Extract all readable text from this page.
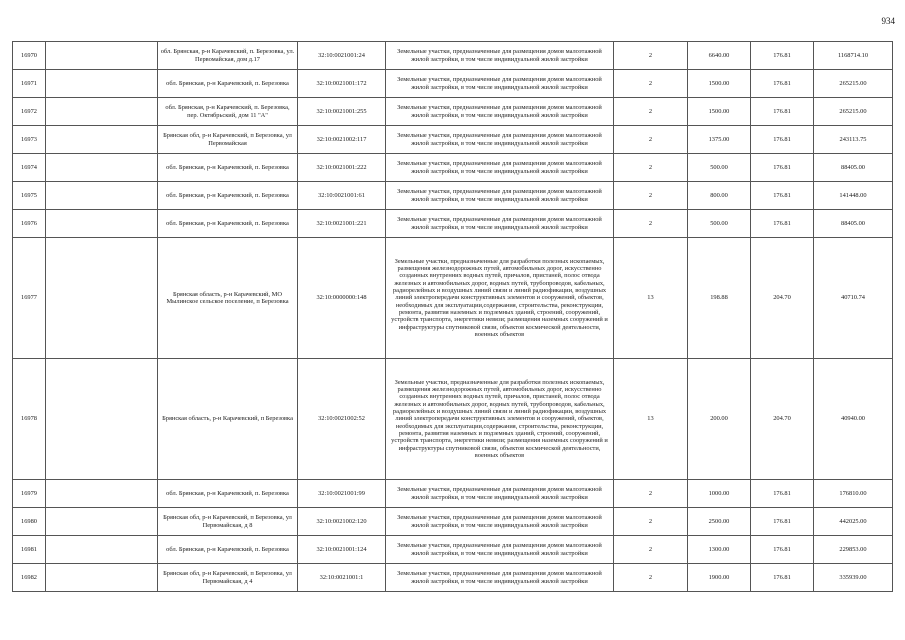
934
16970		обл. Брянская, р-н Карачевский, п. Березовка, ул. Первомайская, дом д.17	32:10:0021001:24	Земельные участки, предназначенные для размещения домов малоэтажной жилой застройки, в том числе индивидуальной жилой застройки	2	6640.00	176.81	1168714.10
16971		обл. Брянская, р-н Карачевский, п. Березовка	32:10:0021001:172	Земельные участки, предназначенные для размещения домов малоэтажной жилой застройки, в том числе индивидуальной жилой застройки	2	1500.00	176.81	265215.00
16972		обл. Брянская, р-н Карачевский, п. Березовка, пер. Октябрьский, дом 11 "А"	32:10:0021001:255	Земельные участки, предназначенные для размещения домов малоэтажной жилой застройки, в том числе индивидуальной жилой застройки	2	1500.00	176.81	265215.00
16973		Брянская обл, р-н Карачевский, п Березовка, ул Первомайская	32:10:0021002:117	Земельные участки, предназначенные для размещения домов малоэтажной жилой застройки, в том числе индивидуальной жилой застройки	2	1375.00	176.81	243113.75
16974		обл. Брянская, р-н Карачевский, п. Березовка	32:10:0021001:222	Земельные участки, предназначенные для размещения домов малоэтажной жилой застройки, в том числе индивидуальной жилой застройки	2	500.00	176.81	88405.00
16975		обл. Брянская, р-н Карачевский, п. Березовка	32:10:0021001:61	Земельные участки, предназначенные для размещения домов малоэтажной жилой застройки, в том числе индивидуальной жилой застройки	2	800.00	176.81	141448.00
16976		обл. Брянская, р-н Карачевский, п. Березовка	32:10:0021001:221	Земельные участки, предназначенные для размещения домов малоэтажной жилой застройки, в том числе индивидуальной жилой застройки	2	500.00	176.81	88405.00
16977		Брянская область, р-н Карачевский, МО Мылинское сельское поселение, п Березовка	32:10:0000000:148	Земельные участки, предназначенные для разработки полезных ископаемых, размещения железнодорожных путей, автомобильных дорог, искусственно созданных внутренних водных путей, причалов, пристаней, полос отвода железных и автомобильных дорог, водных путей, трубопроводов, кабельных, радиорелейных и воздушных линий связи и линий радиофикации, воздушных линий электропередачи конструктивных элементов и сооружений, объектов, необходимых для эксплуатации,содержания, строительства, реконструкции, ремонта, развития наземных и подземных зданий, строений, сооружений, устройств транспорта, энергетики невязи; размещения наземных сооружений и инфраструктуры спутниковой связи, объектов космической деятельности, военных объектов	13	198.88	204.70	40710.74
16978		Брянская область, р-н Карачевский, п Березовка	32:10:0021002:52	Земельные участки, предназначенные для разработки полезных ископаемых, размещения железнодорожных путей, автомобильных дорог, искусственно созданных внутренних водных путей, причалов, пристаней, полос отвода железных и автомобильных дорог, водных путей, трубопроводов, кабельных, радиорелейных и воздушных линий связи и линий радиофикации, воздушных линий электропередачи конструктивных элементов и сооружений, объектов, необходимых для эксплуатации,содержания, строительства, реконструкции, ремонта, развития наземных и подземных зданий, строений, сооружений, устройств транспорта, энергетики невязи; размещения наземных сооружений и инфраструктуры спутниковой связи, объектов космической деятельности, военных объектов	13	200.00	204.70	40940.00
16979		обл. Брянская, р-н Карачевский, п. Березовка	32:10:0021001:99	Земельные участки, предназначенные для размещения домов малоэтажной жилой застройки, в том числе индивидуальной жилой застройки	2	1000.00	176.81	176810.00
16980		Брянская обл, р-н Карачевский, п Березовка, ул Первомайская, д 8	32:10:0021002:120	Земельные участки, предназначенные для размещения домов малоэтажной жилой застройки, в том числе индивидуальной жилой застройки	2	2500.00	176.81	442025.00
16981		обл. Брянская, р-н Карачевский, п. Березовка	32:10:0021001:124	Земельные участки, предназначенные для размещения домов малоэтажной жилой застройки, в том числе индивидуальной жилой застройки	2	1300.00	176.81	229853.00
16982		Брянская обл, р-н Карачевский, п Березовка, ул Первомайская, д 4	32:10:0021001:1	Земельные участки, предназначенные для размещения домов малоэтажной жилой застройки, в том числе индивидуальной жилой застройки	2	1900.00	176.81	335939.00
